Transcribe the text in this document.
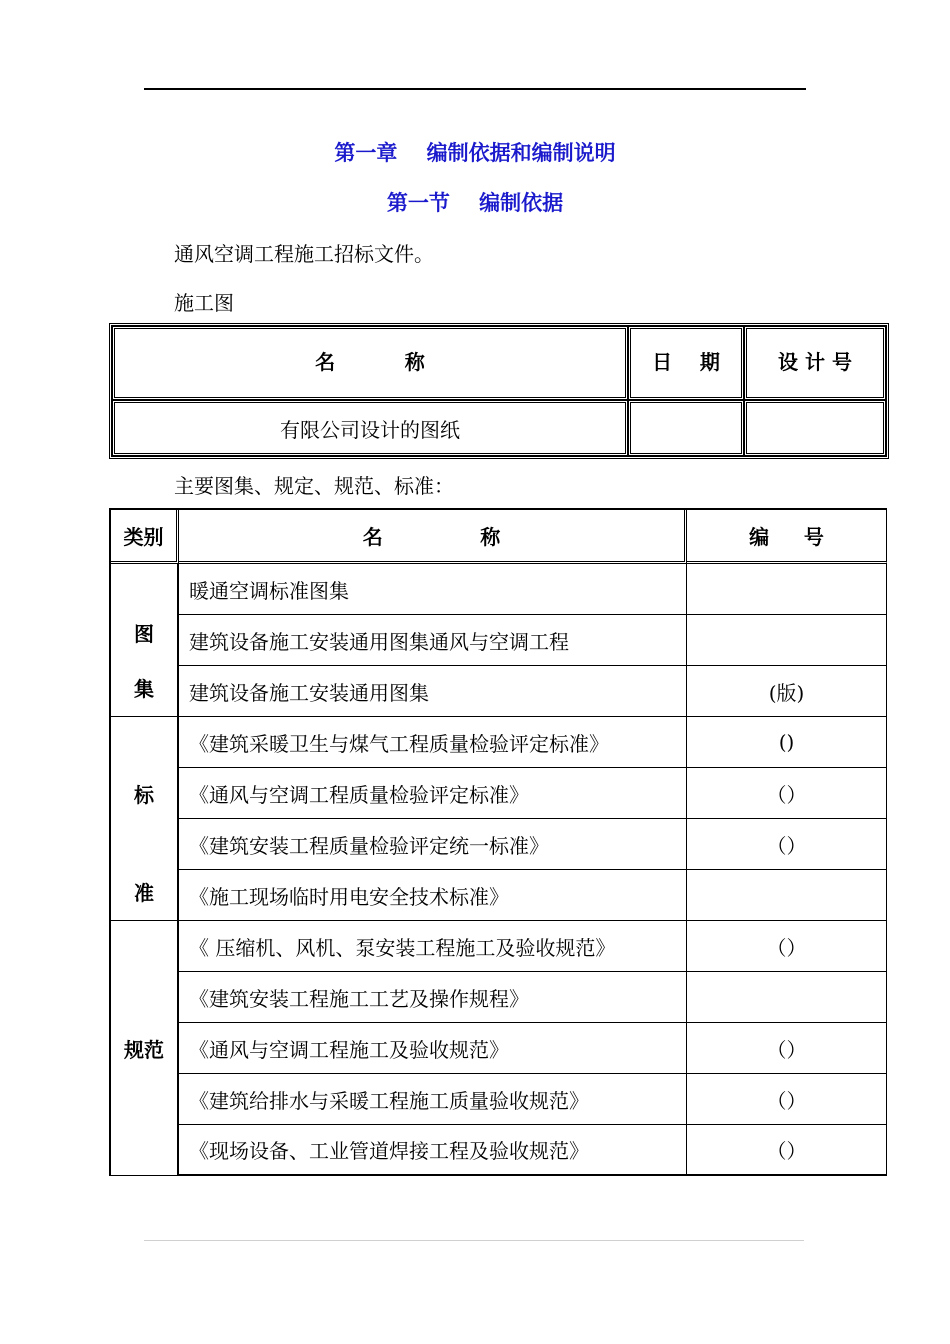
第一章    编制依据和编制说明
第一节    编制依据
通风空调工程施工招标文件。
施工图
名          称	日    期	设 计 号
有限公司设计的图纸		
主要图集、规定、规范、标准：
类别	名              称	编     号

图
集	暖通空调标准图集	
	建筑设备施工安装通用图集通风与空调工程	
	建筑设备施工安装通用图集	(版)

标
准	《建筑采暖卫生与煤气工程质量检验评定标准》	()
	《通风与空调工程质量检验评定标准》	（）
	《建筑安装工程质量检验评定统一标准》	（）
	《施工现场临时用电安全技术标准》	
规范	《 压缩机、风机、泵安装工程施工及验收规范》	（）
	《建筑安装工程施工工艺及操作规程》	
	《通风与空调工程施工及验收规范》	（）
	《建筑给排水与采暖工程施工质量验收规范》	（）
	《现场设备、工业管道焊接工程及验收规范》	（）
